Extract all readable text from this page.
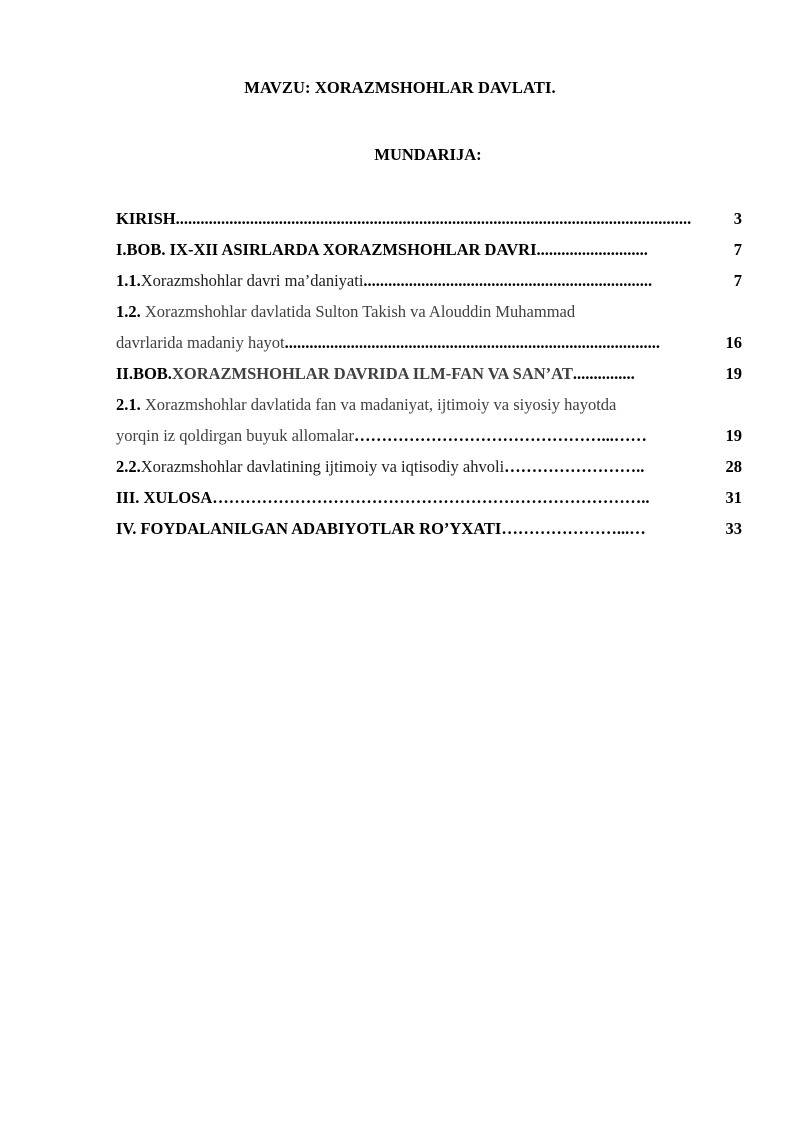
MAVZU: XORAZMSHOHLAR DAVLATI.
MUNDARIJA:
KIRISH .............................................................................................................................	3
I.BOB. IX-XII ASIRLARDA XORAZMSHOHLAR DAVRI ...........................	7
1.1. Xorazmshohlar davri ma’daniyati ......................................................................	7
1.2. Xorazmshohlar davlatida Sulton Takish va Alouddin Muhammad
davrlarida madaniy hayot ...........................................................................................	16
II.BOB. XORAZMSHOHLAR DAVRIDA ILM-FAN VA SAN’AT ...............	19
2.1. Xorazmshohlar davlatida fan va madaniyat, ijtimoiy va siyosiy hayotda
yorqin iz qoldirgan buyuk allomalar ………………………………………...……	19
2.2. Xorazmshohlar davlatining ijtimoiy va iqtisodiy ahvoli ……………………..	28
III. XULOSA ……………………………………………………………………..	31
IV. FOYDALANILGAN ADABIYOTLAR RO’YXATI …………………...…	33
